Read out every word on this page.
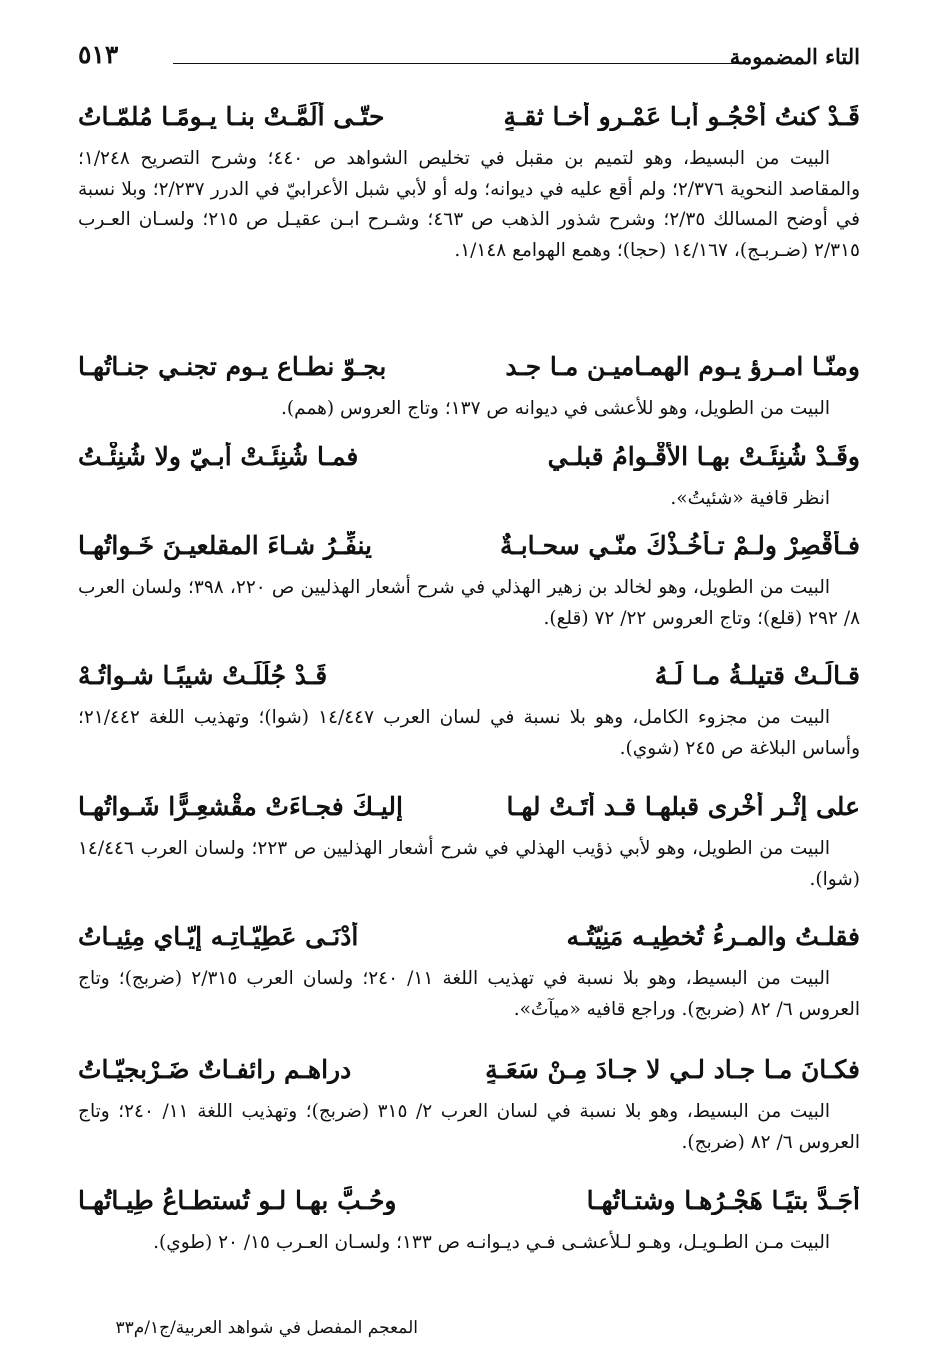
التاء المضمومة
٥١٣
قَـدْ كنتُ أَحْجُـو أبـا عَمْـرٍو أخـا ثقـةٍ
حتّـى أَلَمَّـتْ بنـا يـومًـا مُلمّـاتُ
البيت من البسيط، وهو لتميم بن مقبل في تخليص الشواهد ص ٤٤٠؛ وشرح التصريح ١/٢٤٨؛ والمقاصد النحوية ٢/٣٧٦؛ ولم أقع عليه في ديوانه؛ وله أو لأبي شبل الأعرابيّ في الدرر ٢/٢٣٧؛ وبلا نسبة في أوضح المسالك ٢/٣٥؛ وشرح شذور الذهب ص ٤٦٣؛ وشـرح ابـن عقيـل ص ٢١٥؛ ولسـان العـرب ٢/٣١٥ (ضـربـج)، ١٤/١٦٧ (حجا)؛ وهمع الهوامع ١/١٤٨.
ومنّـا امـرؤ يـوم الهمـاميـن مـا جـد
بجـوّ نطـاع يـوم تجنـي جنـاتُهـا
البيت من الطويل، وهو للأعشى في ديوانه ص ١٣٧؛ وتاج العروس (همم).
وقَـدْ شُنِئَـتْ بهـا الأقْـوامُ قبلـي
فمـا شُنِئَـتْ أبـيّ ولا شُنِئْـتُ
انظر قافية «شئيتُ».
فـأقْصِرْ ولـمْ تـأخُـذْكَ منّـي سحـابـةٌ
ينفِّـرُ شـاءَ المقلعيـنَ خَـواتُهـا
البيت من الطويل، وهو لخالد بن زهير الهذلي في شرح أشعار الهذليين ص ٢٢٠، ٣٩٨؛ ولسان العرب ٨/ ٢٩٢ (قلع)؛ وتاج العروس ٢٢/ ٧٢ (قلع).
قـالَـتْ قتيلـةُ مـا لَـهُ
قَـدْ جُلِّلَـتْ شيبًـا شـواتُـهْ
البيت من مجزوء الكامل، وهو بلا نسبة في لسان العرب ١٤/٤٤٧ (شوا)؛ وتهذيب اللغة ٢١/٤٤٢؛ وأساس البلاغة ص ٢٤٥ (شوي).
على إثْـرِ أُخْرى قبلهـا قـد أتَـتْ لهـا
إليـكَ فجـاءَتْ مقْشعِـرًّا شَـواتُهـا
البيت من الطويل، وهو لأبي ذؤيب الهذلي في شرح أشعار الهذليين ص ٢٢٣؛ ولسان العرب ١٤/٤٤٦ (شوا).
فقلـتُ والمـرءُ تُخطِيـه مَنِيّتُـه
أدْنَـى عَطِيّـاتِـه إيّـاي مِئِيـاتُ
البيت من البسيط، وهو بلا نسبة في تهذيب اللغة ١١/ ٢٤٠؛ ولسان العرب ٢/٣١٥ (ضربج)؛ وتاج العروس ٦/ ٨٢ (ضربج). وراجع قافيه «ميآتُ».
فكـانَ مـا جـاد لـي لا جـادَ مِـنْ سَعَـةٍ
دراهـم رائفـاتٌ ضَـرْبجيّـاتُ
البيت من البسيط، وهو بلا نسبة في لسان العرب ٢/ ٣١٥ (ضربج)؛ وتهذيب اللغة ١١/ ٢٤٠؛ وتاج العروس ٦/ ٨٢ (ضربج).
أجَـدَّ بتيًـا هَجْـرُهـا وشتـاتُهـا
وحُـبَّ بهـا لـو تُستطـاعُ طِيـاتُهـا
البيت مـن الطـويـل، وهـو لـلأعشـى فـي ديـوانـه ص ١٣٣؛ ولسـان العـرب ١٥/ ٢٠ (طوي).
المعجم المفصل في شواهد العربية/ج١/م٣٣
